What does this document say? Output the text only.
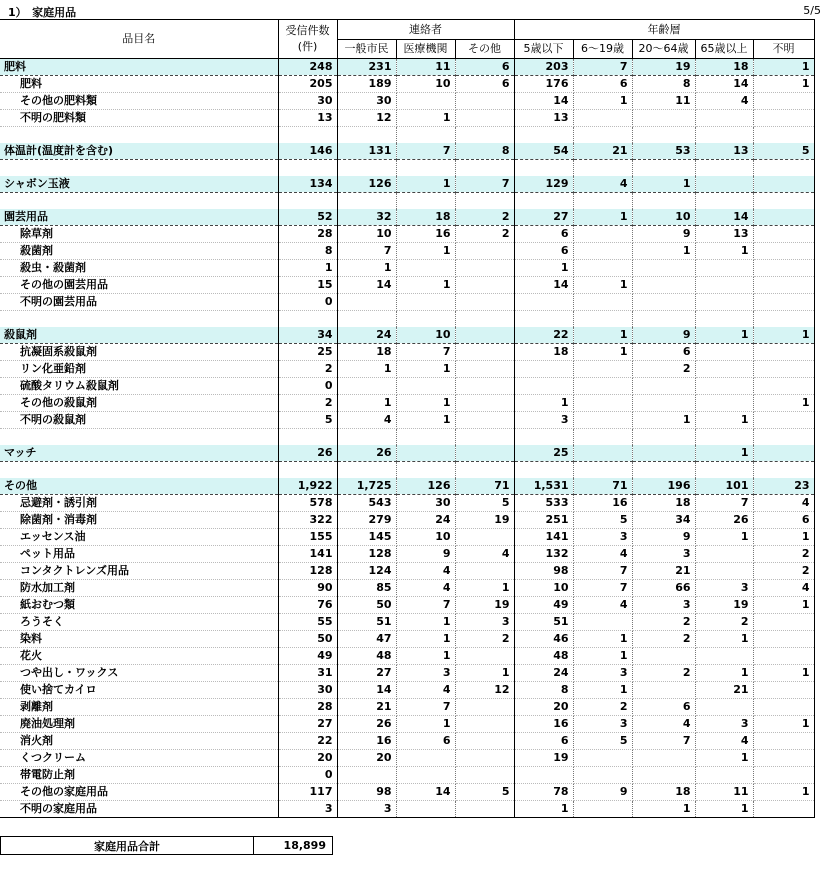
1）　家庭用品	5/5
品目名	受信件数
(件)	連絡者			年齢層				
		一般市民	医療機関	その他	5歳以下	6～19歳	20～64歳	65歳以上	不明
肥料	248	231	11	6	203	7	19	18	1
肥料	205	189	10	6	176	6	8	14	1
その他の肥料類	30	30			14	1	11	4	
不明の肥料類	13	12	1		13				

体温計(温度計を含む)	146	131	7	8	54	21	53	13	5

シャボン玉液	134	126	1	7	129	4	1		

園芸用品	52	32	18	2	27	1	10	14	
除草剤	28	10	16	2	6		9	13	
殺菌剤	8	7	1		6		1	1	
殺虫・殺菌剤	1	1			1				
その他の園芸用品	15	14	1		14	1			
不明の園芸用品	0								

殺鼠剤	34	24	10		22	1	9	1	1
抗凝固系殺鼠剤	25	18	7		18	1	6		
リン化亜鉛剤	2	1	1				2		
硫酸タリウム殺鼠剤	0								
その他の殺鼠剤	2	1	1		1				1
不明の殺鼠剤	5	4	1		3		1	1	

マッチ	26	26			25			1	

その他	1,922	1,725	126	71	1,531	71	196	101	23
忌避剤・誘引剤	578	543	30	5	533	16	18	7	4
除菌剤・消毒剤	322	279	24	19	251	5	34	26	6
エッセンス油	155	145	10		141	3	9	1	1
ペット用品	141	128	9	4	132	4	3		2
コンタクトレンズ用品	128	124	4		98	7	21		2
防水加工剤	90	85	4	1	10	7	66	3	4
紙おむつ類	76	50	7	19	49	4	3	19	1
ろうそく	55	51	1	3	51		2	2	
染料	50	47	1	2	46	1	2	1	
花火	49	48	1		48	1			
つや出し・ワックス	31	27	3	1	24	3	2	1	1
使い捨てカイロ	30	14	4	12	8	1		21	
剥離剤	28	21	7		20	2	6		
廃油処理剤	27	26	1		16	3	4	3	1
消火剤	22	16	6		6	5	7	4	
くつクリーム	20	20			19			1	
帯電防止剤	0								
その他の家庭用品	117	98	14	5	78	9	18	11	1
不明の家庭用品	3	3			1		1	1	
家庭用品合計	18,899
